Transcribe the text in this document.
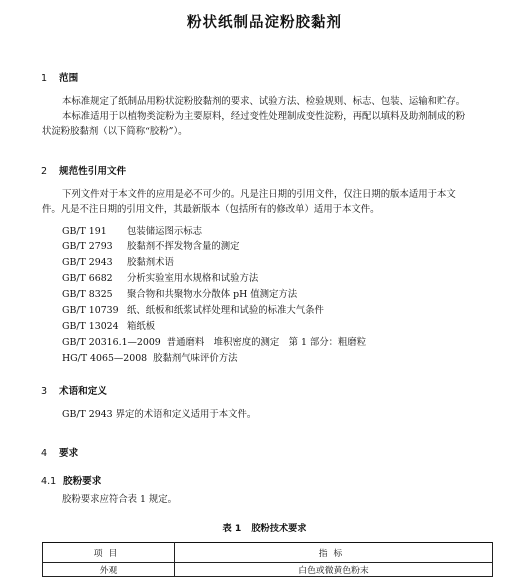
粉状纸制品淀粉胶黏剂
1 范围
本标准规定了纸制品用粉状淀粉胶黏剂的要求、试验方法、检验规则、标志、包装、运输和贮存。
本标准适用于以植物类淀粉为主要原料，经过变性处理制成变性淀粉，再配以填料及助剂制成的粉
状淀粉胶黏剂（以下简称“胶粉”）。
2 规范性引用文件
下列文件对于本文件的应用是必不可少的。凡是注日期的引用文件，仅注日期的版本适用于本文
件。凡是不注日期的引用文件，其最新版本（包括所有的修改单）适用于本文件。
GB/T 191 包装储运图示标志
GB/T 2793 胶黏剂不挥发物含量的测定
GB/T 2943 胶黏剂术语
GB/T 6682 分析实验室用水规格和试验方法
GB/T 8325 聚合物和共聚物水分散体 pH 值测定方法
GB/T 10739 纸、纸板和纸浆试样处理和试验的标准大气条件
GB/T 13024 箱纸板
GB/T 20316.1—2009 普通磨料　堆积密度的测定　第 1 部分：粗磨粒
HG/T 4065—2008 胶黏剂气味评价方法
3 术语和定义
GB/T 2943 界定的术语和定义适用于本文件。
4 要求
4.1 胶粉要求
胶粉要求应符合表 1 规定。
表 1 胶粉技术要求
项目	指标
外观	白色或微黄色粉末
